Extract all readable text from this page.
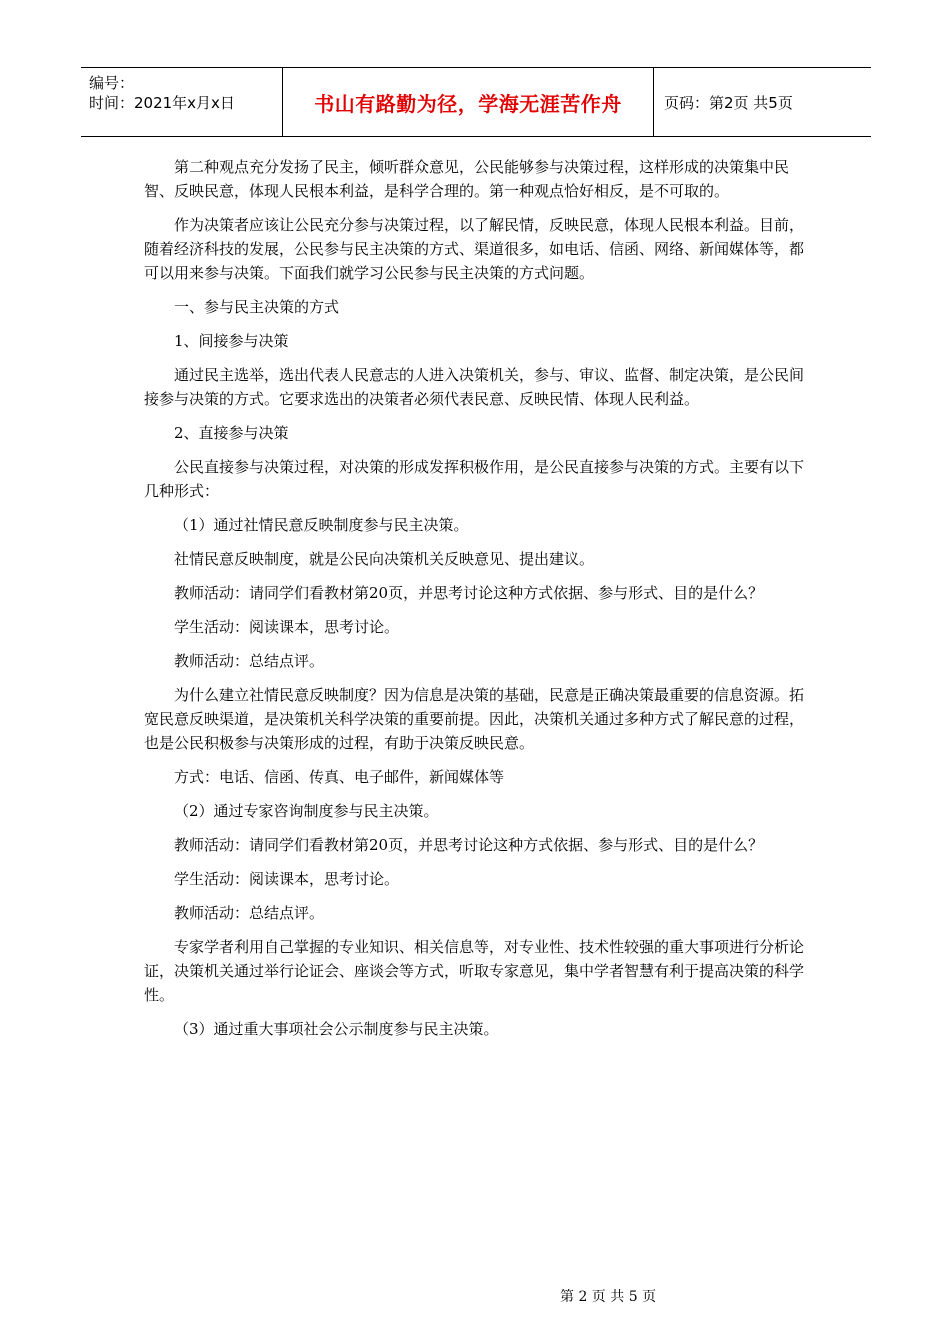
编号：
时间：2021年x月x日	书山有路勤为径，学海无涯苦作舟	页码：第2页 共5页

第二种观点充分发扬了民主，倾听群众意见，公民能够参与决策过程，这样形成的决策集中民智、反映民意，体现人民根本利益，是科学合理的。第一种观点恰好相反，是不可取的。

作为决策者应该让公民充分参与决策过程，以了解民情，反映民意，体现人民根本利益。目前，随着经济科技的发展，公民参与民主决策的方式、渠道很多，如电话、信函、网络、新闻媒体等，都可以用来参与决策。下面我们就学习公民参与民主决策的方式问题。

一、参与民主决策的方式

1、间接参与决策

通过民主选举，选出代表人民意志的人进入决策机关，参与、审议、监督、制定决策，是公民间接参与决策的方式。它要求选出的决策者必须代表民意、反映民情、体现人民利益。

2、直接参与决策

公民直接参与决策过程，对决策的形成发挥积极作用，是公民直接参与决策的方式。主要有以下几种形式：

（1）通过社情民意反映制度参与民主决策。

社情民意反映制度，就是公民向决策机关反映意见、提出建议。

教师活动：请同学们看教材第20页，并思考讨论这种方式依据、参与形式、目的是什么？

学生活动：阅读课本，思考讨论。

教师活动：总结点评。

为什么建立社情民意反映制度？因为信息是决策的基础，民意是正确决策最重要的信息资源。拓宽民意反映渠道，是决策机关科学决策的重要前提。因此，决策机关通过多种方式了解民意的过程，也是公民积极参与决策形成的过程，有助于决策反映民意。

方式：电话、信函、传真、电子邮件，新闻媒体等

（2）通过专家咨询制度参与民主决策。

教师活动：请同学们看教材第20页，并思考讨论这种方式依据、参与形式、目的是什么？

学生活动：阅读课本，思考讨论。

教师活动：总结点评。

专家学者利用自己掌握的专业知识、相关信息等，对专业性、技术性较强的重大事项进行分析论证，决策机关通过举行论证会、座谈会等方式，听取专家意见，集中学者智慧有利于提高决策的科学性。

（3）通过重大事项社会公示制度参与民主决策。

第 2 页 共 5 页
